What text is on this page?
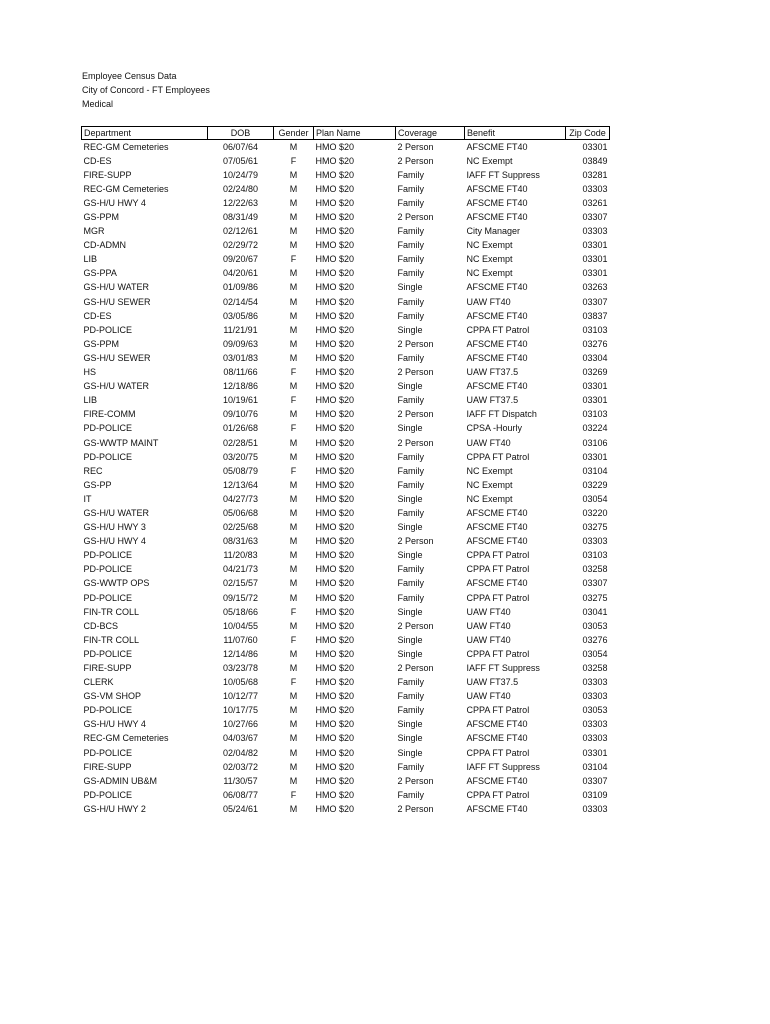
Employee Census Data
City of Concord - FT Employees
Medical
Department	DOB	Gender	Plan Name	Coverage	Benefit	Zip Code
REC-GM Cemeteries	06/07/64	M	HMO $20	2 Person	AFSCME FT40	03301
CD-ES	07/05/61	F	HMO $20	2 Person	NC Exempt	03849
FIRE-SUPP	10/24/79	M	HMO $20	Family	IAFF FT Suppress	03281
REC-GM Cemeteries	02/24/80	M	HMO $20	Family	AFSCME FT40	03303
GS-H/U HWY 4	12/22/63	M	HMO $20	Family	AFSCME FT40	03261
GS-PPM	08/31/49	M	HMO $20	2 Person	AFSCME FT40	03307
MGR	02/12/61	M	HMO $20	Family	City Manager	03303
CD-ADMN	02/29/72	M	HMO $20	Family	NC Exempt	03301
LIB	09/20/67	F	HMO $20	Family	NC Exempt	03301
GS-PPA	04/20/61	M	HMO $20	Family	NC Exempt	03301
GS-H/U WATER	01/09/86	M	HMO $20	Single	AFSCME FT40	03263
GS-H/U SEWER	02/14/54	M	HMO $20	Family	UAW FT40	03307
CD-ES	03/05/86	M	HMO $20	Family	AFSCME FT40	03837
PD-POLICE	11/21/91	M	HMO $20	Single	CPPA FT Patrol	03103
GS-PPM	09/09/63	M	HMO $20	2 Person	AFSCME FT40	03276
GS-H/U SEWER	03/01/83	M	HMO $20	Family	AFSCME FT40	03304
HS	08/11/66	F	HMO $20	2 Person	UAW FT37.5	03269
GS-H/U WATER	12/18/86	M	HMO $20	Single	AFSCME FT40	03301
LIB	10/19/61	F	HMO $20	Family	UAW FT37.5	03301
FIRE-COMM	09/10/76	M	HMO $20	2 Person	IAFF FT Dispatch	03103
PD-POLICE	01/26/68	F	HMO $20	Single	CPSA -Hourly	03224
GS-WWTP MAINT	02/28/51	M	HMO $20	2 Person	UAW FT40	03106
PD-POLICE	03/20/75	M	HMO $20	Family	CPPA FT Patrol	03301
REC	05/08/79	F	HMO $20	Family	NC Exempt	03104
GS-PP	12/13/64	M	HMO $20	Family	NC Exempt	03229
IT	04/27/73	M	HMO $20	Single	NC Exempt	03054
GS-H/U WATER	05/06/68	M	HMO $20	Family	AFSCME FT40	03220
GS-H/U HWY 3	02/25/68	M	HMO $20	Single	AFSCME FT40	03275
GS-H/U HWY 4	08/31/63	M	HMO $20	2 Person	AFSCME FT40	03303
PD-POLICE	11/20/83	M	HMO $20	Single	CPPA FT Patrol	03103
PD-POLICE	04/21/73	M	HMO $20	Family	CPPA FT Patrol	03258
GS-WWTP OPS	02/15/57	M	HMO $20	Family	AFSCME FT40	03307
PD-POLICE	09/15/72	M	HMO $20	Family	CPPA FT Patrol	03275
FIN-TR COLL	05/18/66	F	HMO $20	Single	UAW FT40	03041
CD-BCS	10/04/55	M	HMO $20	2 Person	UAW FT40	03053
FIN-TR COLL	11/07/60	F	HMO $20	Single	UAW FT40	03276
PD-POLICE	12/14/86	M	HMO $20	Single	CPPA FT Patrol	03054
FIRE-SUPP	03/23/78	M	HMO $20	2 Person	IAFF FT Suppress	03258
CLERK	10/05/68	F	HMO $20	Family	UAW FT37.5	03303
GS-VM SHOP	10/12/77	M	HMO $20	Family	UAW FT40	03303
PD-POLICE	10/17/75	M	HMO $20	Family	CPPA FT Patrol	03053
GS-H/U HWY 4	10/27/66	M	HMO $20	Single	AFSCME FT40	03303
REC-GM Cemeteries	04/03/67	M	HMO $20	Single	AFSCME FT40	03303
PD-POLICE	02/04/82	M	HMO $20	Single	CPPA FT Patrol	03301
FIRE-SUPP	02/03/72	M	HMO $20	Family	IAFF FT Suppress	03104
GS-ADMIN UB&M	11/30/57	M	HMO $20	2 Person	AFSCME FT40	03307
PD-POLICE	06/08/77	F	HMO $20	Family	CPPA FT Patrol	03109
GS-H/U HWY 2	05/24/61	M	HMO $20	2 Person	AFSCME FT40	03303
